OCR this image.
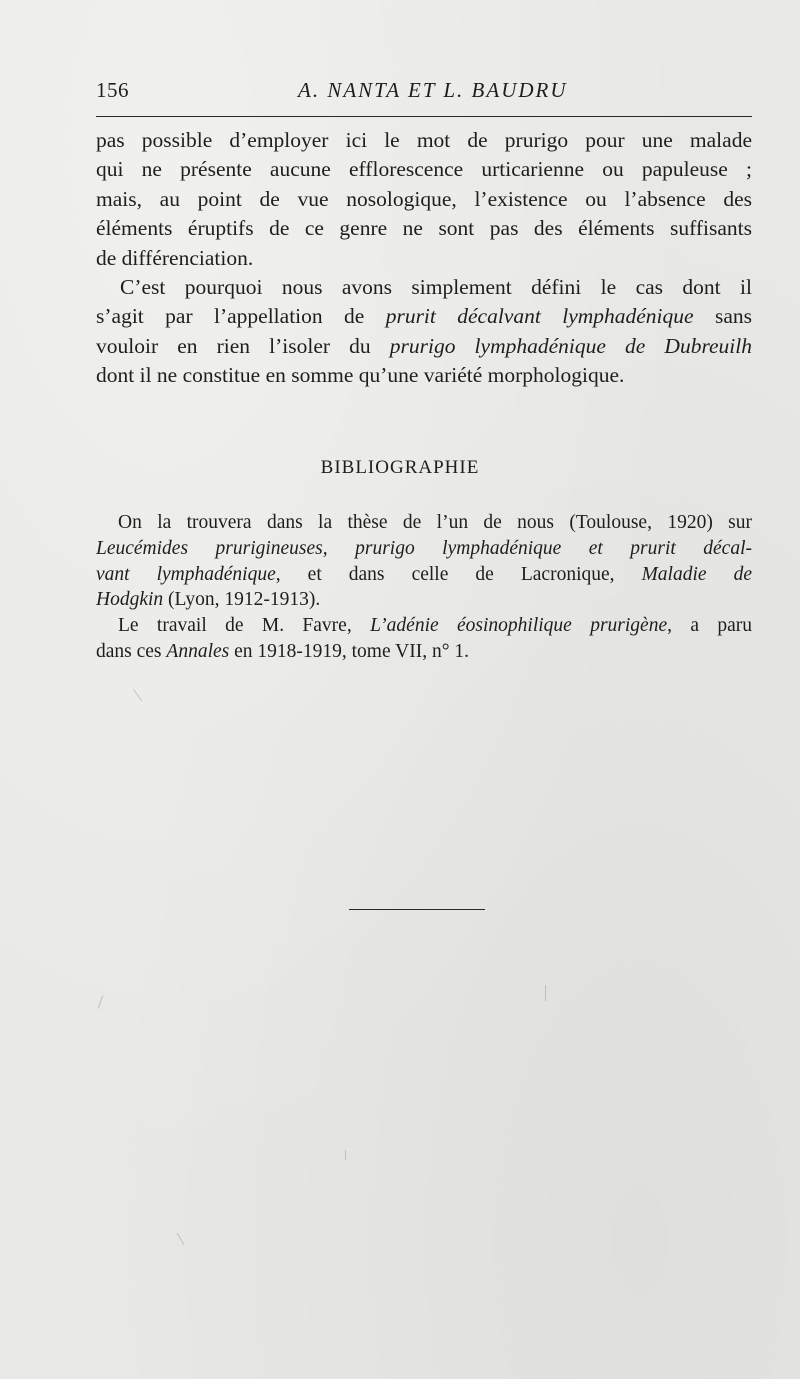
156	A. NANTA ET L. BAUDRU

pas possible d’employer ici le mot de prurigo pour une malade
qui ne présente aucune efflorescence urticarienne ou papuleuse ;
mais, au point de vue nosologique, l’existence ou l’absence des
éléments éruptifs de ce genre ne sont pas des éléments suffisants
de différenciation.

C’est pourquoi nous avons simplement défini le cas dont il
s’agit par l’appellation de prurit décalvant lymphadénique sans
vouloir en rien l’isoler du prurigo lymphadénique de Dubreuilh
dont il ne constitue en somme qu’une variété morphologique.

BIBLIOGRAPHIE

On la trouvera dans la thèse de l’un de nous (Toulouse, 1920) sur
Leucémides prurigineuses, prurigo lymphadénique et prurit décal-
vant lymphadénique, et dans celle de Lacronique, Maladie de
Hodgkin (Lyon, 1912-1913).

Le travail de M. Favre, L’adénie éosinophilique prurigène, a paru
dans ces Annales en 1918-1919, tome VII, n° 1.
